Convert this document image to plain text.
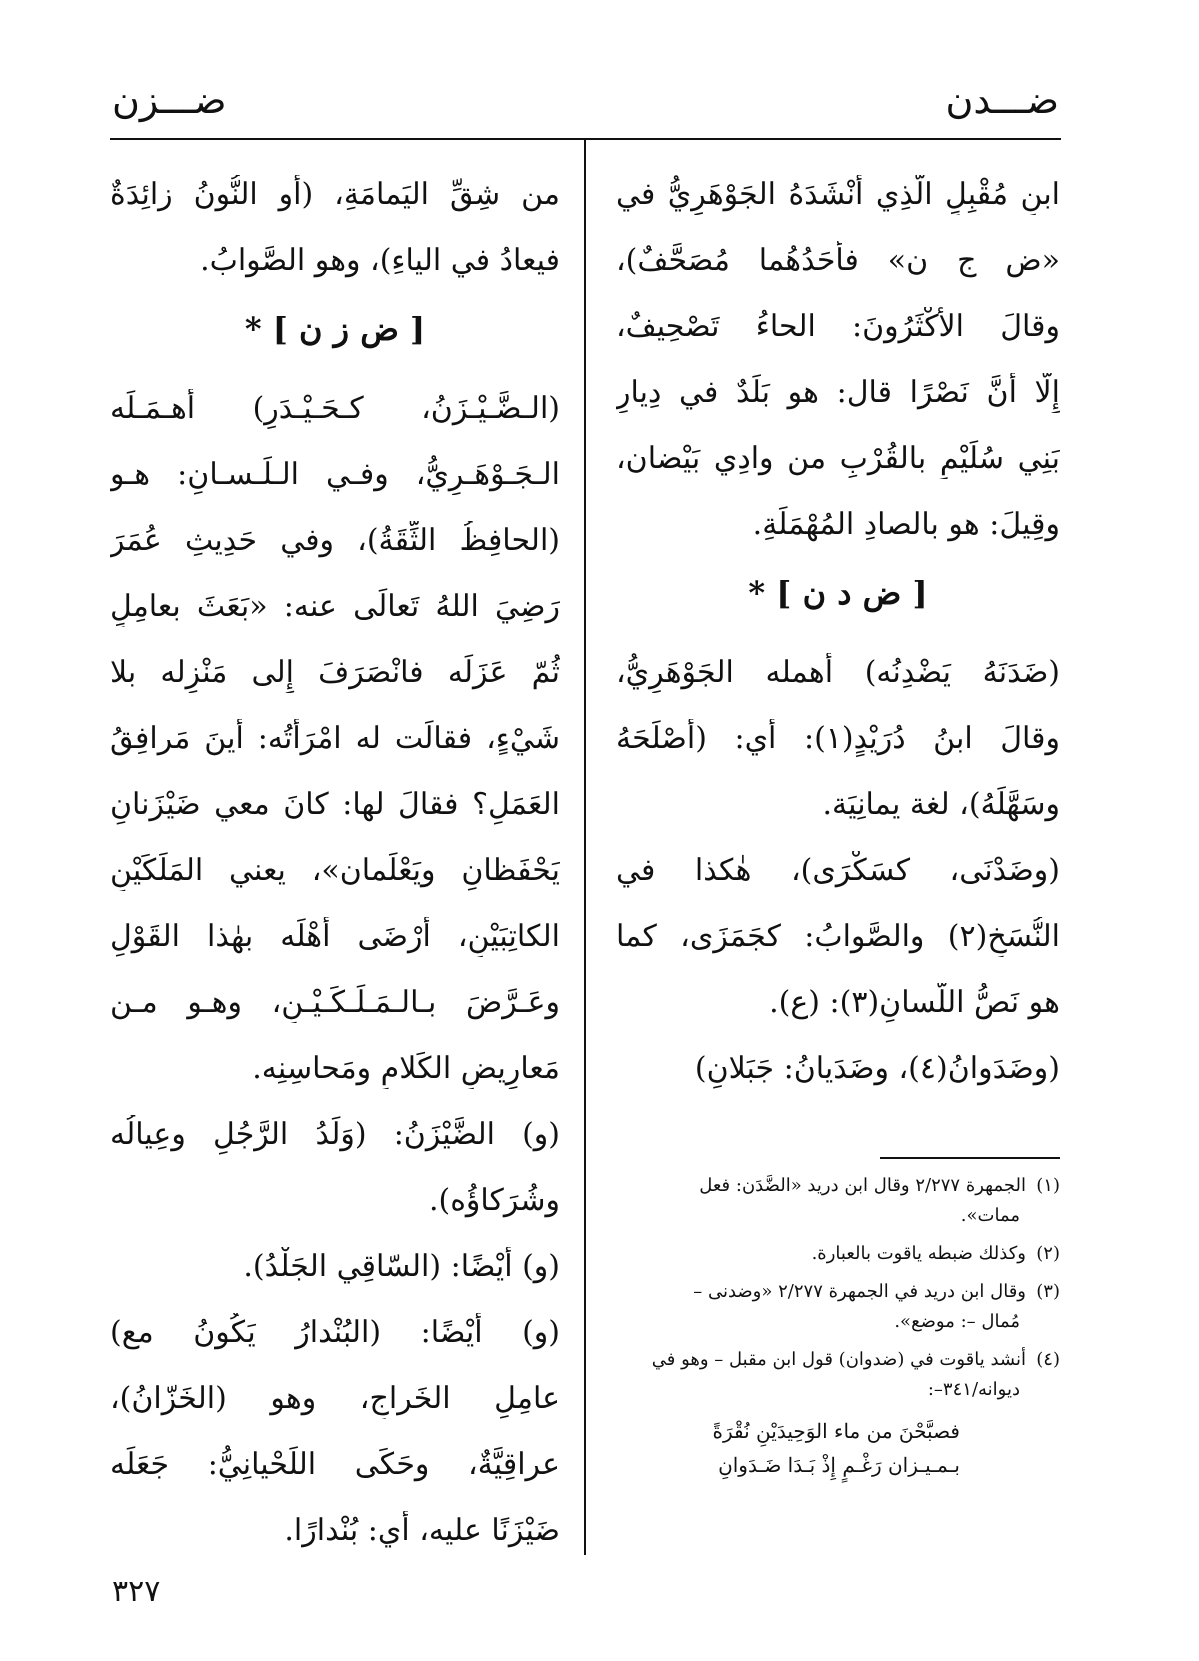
ضـــدن
ضـــزن
ابنِ مُقْبِلٍ الّذِي أَنْشَدَهُ الجَوْهَرِيُّ في
«ض ج ن» فأَحَدُهُما مُصَحَّفٌ)،
وقالَ الأَكْثَرُونَ: الحاءُ تَصْحِيفٌ،
إِلّا أَنَّ نَصْرًا قال: هو بَلَدٌ في دِيارِ
بَنِي سُلَيْمٍ بالقُرْبِ من وادِي بَيْضان،
وقِيلَ: هو بالصادِ المُهْمَلَةِ.
[ ض د ن ] *
(ضَدَنَهُ يَضْدِنُه) أهمله الجَوْهَرِيُّ،
وقالَ ابنُ دُرَيْدٍ(١): أي: (أَصْلَحَهُ
وسَهَّلَهُ)، لغة يمانِيَة.
(وضَدْنَى، كسَكْرَى)، هٰكذا في
النُّسَخِ(٢) والصَّوابُ: كجَمَزَى، كما
هو نَصُّ اللّسانِ(٣): (ع).
(وضَدَوانُ(٤)، وضَدَيانُ: جَبَلانِ)
(١)الجمهرة ٢/٢٧٧ وقال ابن دريد «الضَّدَن: فعل
ممات».
(٢)وكذلك ضبطه ياقوت بالعبارة.
(٣)وقال ابن دريد في الجمهرة ٢/٢٧٧ «وضدنى –
مُمال –: موضع».
(٤)أنشد ياقوت في (ضدوان) قول ابن مقبل – وهو في
ديوانه/٣٤١–:
فصبَّحْنَ من ماء الوَحِيدَيْنِ نُقْرَةً
بـمـيـزان رَغْـمٍ إِذْ بَـدَا ضَـدَوانِ
من شِقِّ اليَمامَةِ، (أو النُّونُ زائِدَةٌ
فيعادُ في الياءِ)، وهو الصَّوابُ.
[ ض ز ن ] *
(الـضَّـيْـزَنُ، كـحَـيْـدَرٍ) أهـمَـلَه
الـجَـوْهَـرِيُّ، وفـي الـلِّـسـانِ: هـو
(الحافِظُ الثِّقَةُ)، وفي حَدِيثِ عُمَرَ
رَضِيَ اللهُ تَعالَى عنه: «بَعَثَ بعامِلٍ
ثُمّ عَزَلَه فانْصَرَفَ إِلى مَنْزِله بلا
شَيْءٍ، فقالَت له امْرَأَتُه: أينَ مَرافِقُ
العَمَلِ؟ فقالَ لها: كانَ معي ضَيْزَنانِ
يَحْفَظانِ ويَعْلَمان»، يعني المَلَكَيْنِ
الكاتِبَيْنِ، أَرْضَى أَهْلَه بهٰذا القَوْلِ
وعَـرَّضَ بـالـمَـلَـكَـيْـنِ، وهـو مـن
مَعارِيضِ الكَلامِ ومَحاسِنِه.
(و) الضَّيْزَنُ: (وَلَدُ الرَّجُلِ وعِيالُه
وشُرَكاؤُه).
(و) أَيْضًا: (السّاقِي الجَلْدُ).
(و) أَيْضًا: (البُنْدارُ يَكُونُ مع)
عامِلِ الخَراجِ، وهو (الخَزّانُ)،
عراقِيَّةٌ، وحَكَى اللِّحْيانِيُّ: جَعَلَه
ضَيْزَنًا عليه، أي: بُنْدارًا.
٣٢٧
